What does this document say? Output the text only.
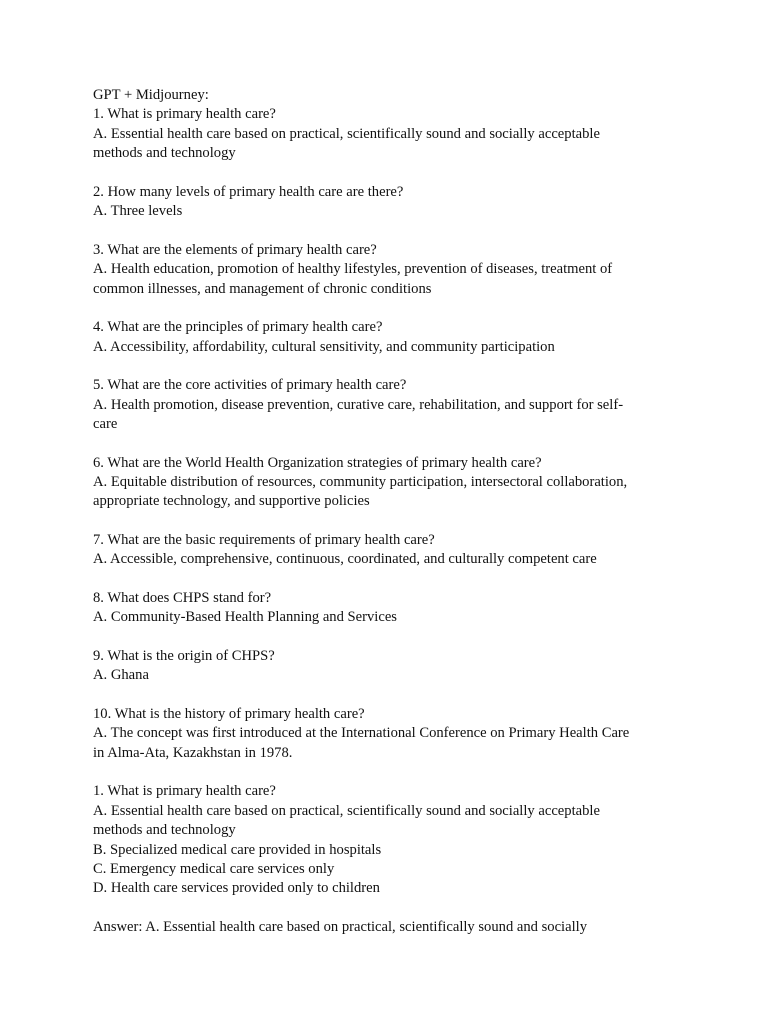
GPT + Midjourney:
1. What is primary health care?
A. Essential health care based on practical, scientifically sound and socially acceptable
methods and technology
2. How many levels of primary health care are there?
A. Three levels
3. What are the elements of primary health care?
A. Health education, promotion of healthy lifestyles, prevention of diseases, treatment of
common illnesses, and management of chronic conditions
4. What are the principles of primary health care?
A. Accessibility, affordability, cultural sensitivity, and community participation
5. What are the core activities of primary health care?
A. Health promotion, disease prevention, curative care, rehabilitation, and support for self-
care
6. What are the World Health Organization strategies of primary health care?
A. Equitable distribution of resources, community participation, intersectoral collaboration,
appropriate technology, and supportive policies
7. What are the basic requirements of primary health care?
A. Accessible, comprehensive, continuous, coordinated, and culturally competent care
8. What does CHPS stand for?
A. Community-Based Health Planning and Services
9. What is the origin of CHPS?
A. Ghana
10. What is the history of primary health care?
A. The concept was first introduced at the International Conference on Primary Health Care
in Alma-Ata, Kazakhstan in 1978.
1. What is primary health care?
A. Essential health care based on practical, scientifically sound and socially acceptable
methods and technology
B. Specialized medical care provided in hospitals
C. Emergency medical care services only
D. Health care services provided only to children
Answer: A. Essential health care based on practical, scientifically sound and socially
